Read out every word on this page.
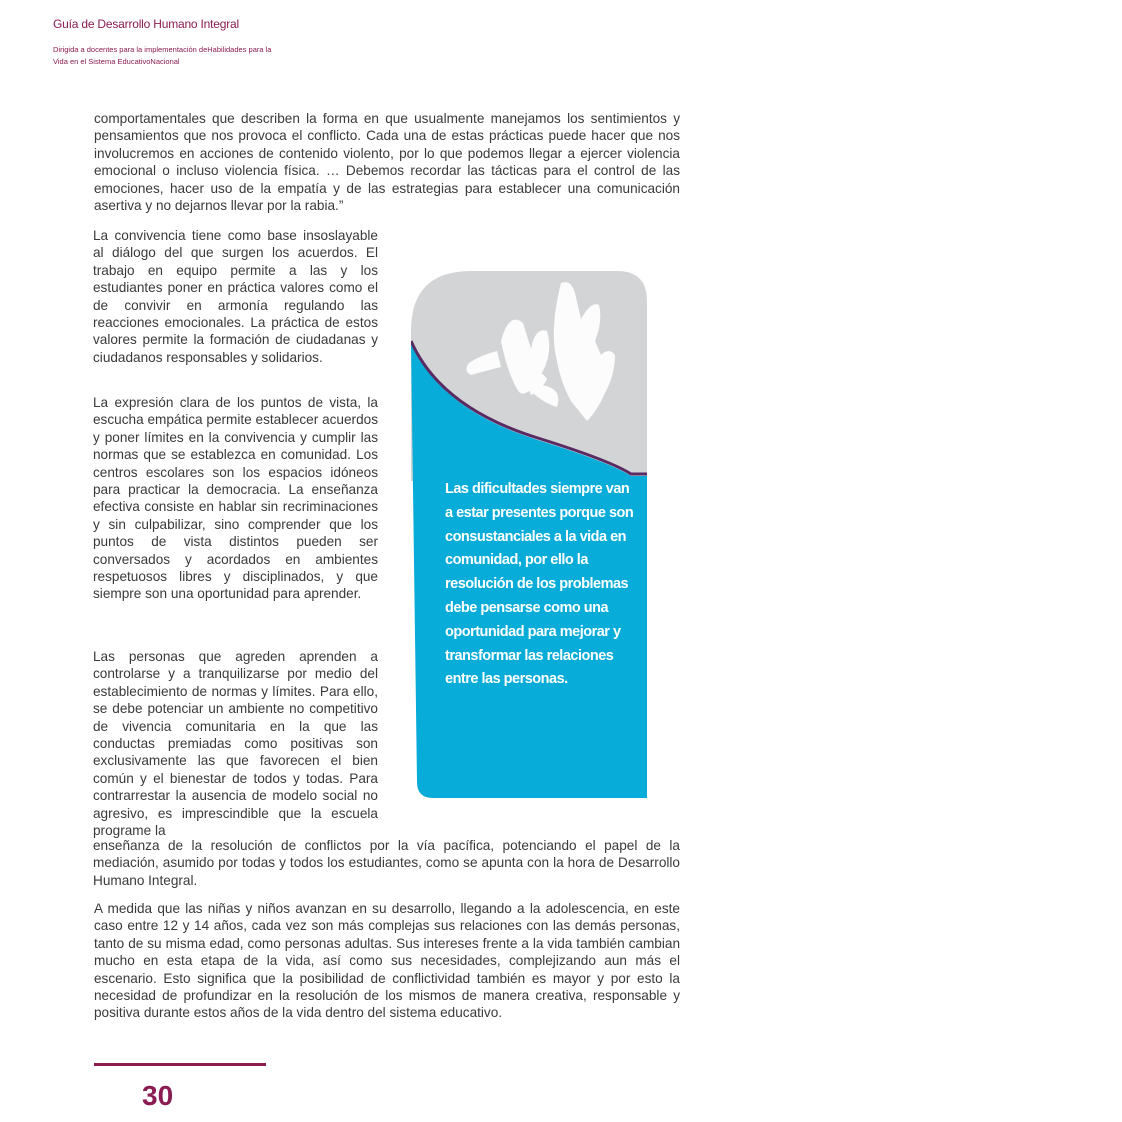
Guía de Desarrollo Humano Integral
Dirigida a docentes para la implementación deHabilidades para la
Vida en el Sistema EducativoNacional

comportamentales que describen la forma en que usualmente manejamos los sentimientos y pensamientos que nos provoca el conflicto. Cada una de estas prácticas puede hacer que nos involucremos en acciones de contenido violento, por lo que podemos llegar a ejercer violencia emocional o incluso violencia física. … Debemos recordar las tácticas para el control de las emociones, hacer uso de la empatía y de las estrategias para establecer una comunicación asertiva y no dejarnos llevar por la rabia.”

La convivencia tiene como base insoslayable al diálogo del que surgen los acuerdos. El trabajo en equipo permite a las y los estudiantes poner en práctica valores como el de convivir en armonía regulando las reacciones emocionales. La práctica de estos valores permite la formación de ciudadanas y ciudadanos responsables y solidarios.

La expresión clara de los puntos de vista, la escucha empática permite establecer acuerdos y poner límites en la convivencia y cumplir las normas que se establezca en comunidad. Los centros escolares son los espacios idóneos para practicar la democracia. La enseñanza efectiva consiste en hablar sin recriminaciones y sin culpabilizar, sino comprender que los puntos de vista distintos pueden ser conversados y acordados en ambientes respetuosos libres y disciplinados, y que siempre son una oportunidad para aprender.

Las personas que agreden aprenden a controlarse y a tranquilizarse por medio del establecimiento de normas y límites. Para ello, se debe potenciar un ambiente no competitivo de vivencia comunitaria en la que las conductas premiadas como positivas son exclusivamente las que favorecen el bien común y el bienestar de todos y todas. Para contrarrestar la ausencia de modelo social no agresivo, es imprescindible que la escuela programe la

enseñanza de la resolución de conflictos por la vía pacífica, potenciando el papel de la mediación, asumido por todas y todos los estudiantes, como se apunta con la hora de Desarrollo Humano Integral.

A medida que las niñas y niños avanzan en su desarrollo, llegando a la adolescencia, en este caso entre 12 y 14 años, cada vez son más complejas sus relaciones con las demás personas, tanto de su misma edad, como personas adultas. Sus intereses frente a la vida también cambian mucho en esta etapa de la vida, así como sus necesidades, complejizando aun más el escenario. Esto significa que la posibilidad de conflictividad también es mayor y por esto la necesidad de profundizar en la resolución de los mismos de manera creativa, responsable y positiva durante estos años de la vida dentro del sistema educativo.

Las dificultades siempre van a estar presentes porque son consustanciales a la vida en comunidad, por ello la resolución de los problemas debe pensarse como una oportunidad para mejorar y transformar las relaciones entre las personas.
30
